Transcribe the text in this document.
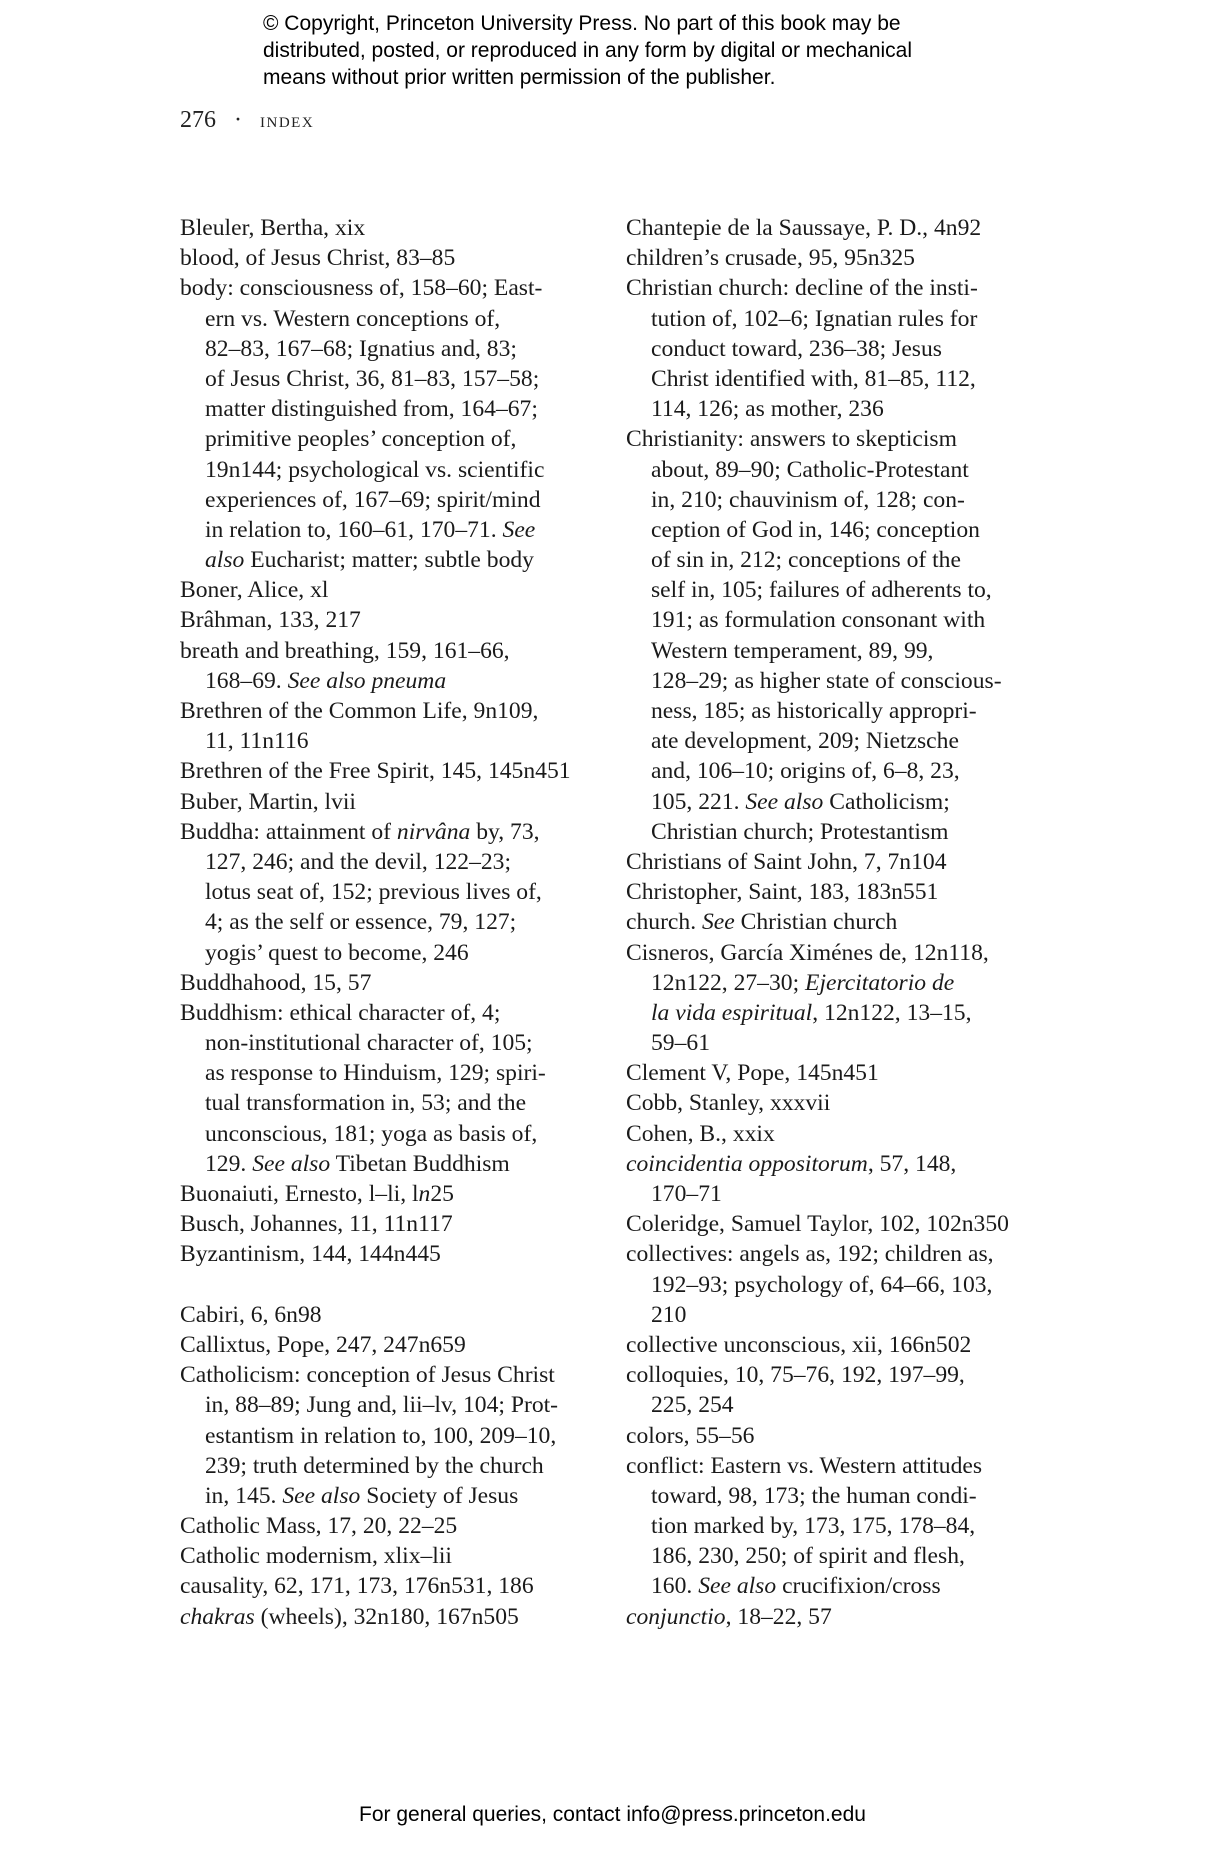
© Copyright, Princeton University Press. No part of this book may be
distributed, posted, or reproduced in any form by digital or mechanical
means without prior written permission of the publisher.
276 · index
Bleuler, Bertha, xix
blood, of Jesus Christ, 83–85
body: consciousness of, 158–60; East-
ern vs. Western conceptions of,
82–83, 167–68; Ignatius and, 83;
of Jesus Christ, 36, 81–83, 157–58;
matter distinguished from, 164–67;
primitive peoples’ conception of,
19n144; psychological vs. scientific
experiences of, 167–69; spirit/mind
in relation to, 160–61, 170–71. See
also Eucharist; matter; subtle body
Boner, Alice, xl
Brâhman, 133, 217
breath and breathing, 159, 161–66,
168–69. See also pneuma
Brethren of the Common Life, 9n109,
11, 11n116
Brethren of the Free Spirit, 145, 145n451
Buber, Martin, lvii
Buddha: attainment of nirvâna by, 73,
127, 246; and the devil, 122–23;
lotus seat of, 152; previous lives of,
4; as the self or essence, 79, 127;
yogis’ quest to become, 246
Buddhahood, 15, 57
Buddhism: ethical character of, 4;
non-institutional character of, 105;
as response to Hinduism, 129; spiri-
tual transformation in, 53; and the
unconscious, 181; yoga as basis of,
129. See also Tibetan Buddhism
Buonaiuti, Ernesto, l–li, ln25
Busch, Johannes, 11, 11n117
Byzantinism, 144, 144n445
Cabiri, 6, 6n98
Callixtus, Pope, 247, 247n659
Catholicism: conception of Jesus Christ
in, 88–89; Jung and, lii–lv, 104; Prot-
estantism in relation to, 100, 209–10,
239; truth determined by the church
in, 145. See also Society of Jesus
Catholic Mass, 17, 20, 22–25
Catholic modernism, xlix–lii
causality, 62, 171, 173, 176n531, 186
chakras (wheels), 32n180, 167n505
Chantepie de la Saussaye, P. D., 4n92
children’s crusade, 95, 95n325
Christian church: decline of the insti-
tution of, 102–6; Ignatian rules for
conduct toward, 236–38; Jesus
Christ identified with, 81–85, 112,
114, 126; as mother, 236
Christianity: answers to skepticism
about, 89–90; Catholic-Protestant
in, 210; chauvinism of, 128; con-
ception of God in, 146; conception
of sin in, 212; conceptions of the
self in, 105; failures of adherents to,
191; as formulation consonant with
Western temperament, 89, 99,
128–29; as higher state of conscious-
ness, 185; as historically appropri-
ate development, 209; Nietzsche
and, 106–10; origins of, 6–8, 23,
105, 221. See also Catholicism;
Christian church; Protestantism
Christians of Saint John, 7, 7n104
Christopher, Saint, 183, 183n551
church. See Christian church
Cisneros, García Ximénes de, 12n118,
12n122, 27–30; Ejercitatorio de
la vida espiritual, 12n122, 13–15,
59–61
Clement V, Pope, 145n451
Cobb, Stanley, xxxvii
Cohen, B., xxix
coincidentia oppositorum, 57, 148,
170–71
Coleridge, Samuel Taylor, 102, 102n350
collectives: angels as, 192; children as,
192–93; psychology of, 64–66, 103,
210
collective unconscious, xii, 166n502
colloquies, 10, 75–76, 192, 197–99,
225, 254
colors, 55–56
conflict: Eastern vs. Western attitudes
toward, 98, 173; the human condi-
tion marked by, 173, 175, 178–84,
186, 230, 250; of spirit and flesh,
160. See also crucifixion/cross
conjunctio, 18–22, 57
For general queries, contact info@press.princeton.edu
